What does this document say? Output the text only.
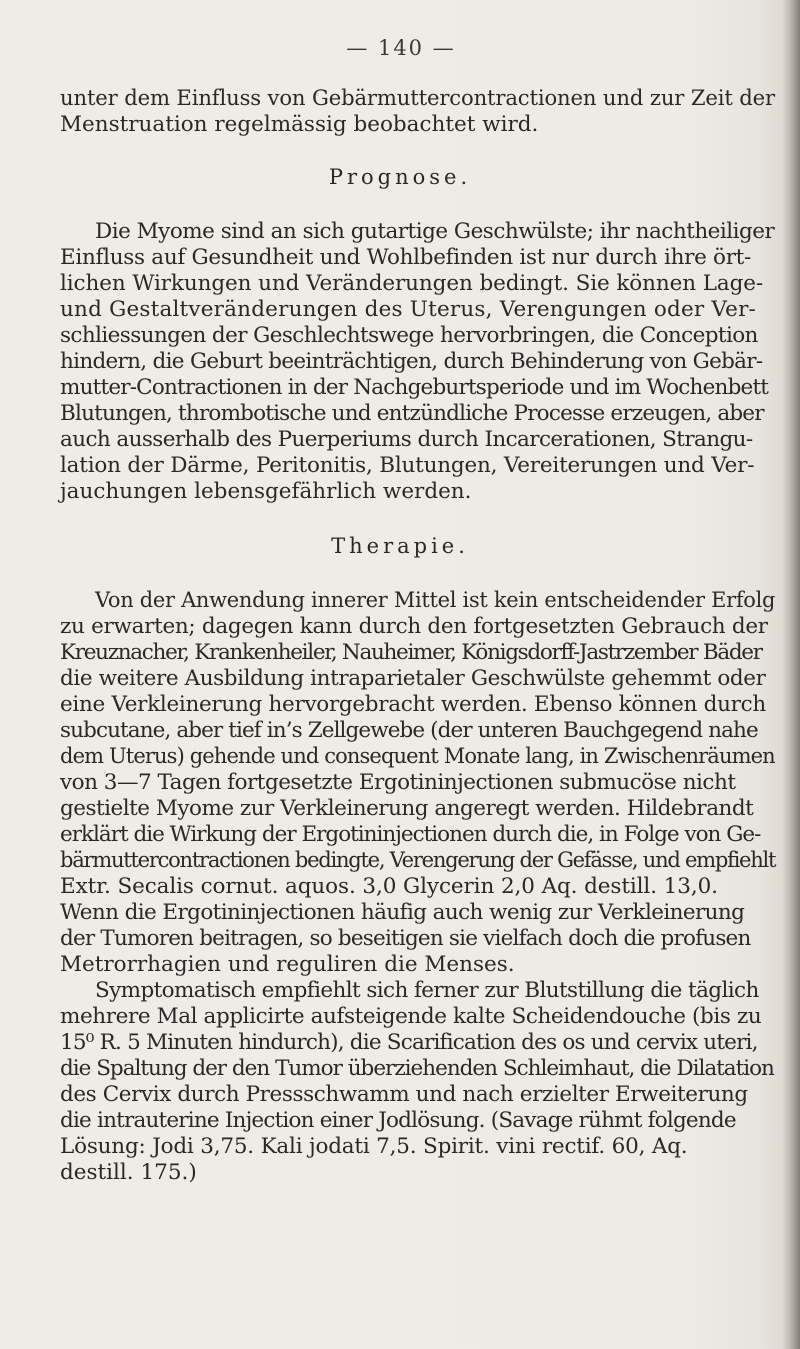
— 140 —
unter dem Einfluss von Gebärmuttercontractionen und zur Zeit der
Menstruation regelmässig beobachtet wird.
Prognose.
Die Myome sind an sich gutartige Geschwülste; ihr nachtheiliger
Einfluss auf Gesundheit und Wohlbefinden ist nur durch ihre ört-
lichen Wirkungen und Veränderungen bedingt. Sie können Lage-
und Gestaltveränderungen des Uterus, Verengungen oder Ver-
schliessungen der Geschlechtswege hervorbringen, die Conception
hindern, die Geburt beeinträchtigen, durch Behinderung von Gebär-
mutter-Contractionen in der Nachgeburtsperiode und im Wochenbett
Blutungen, thrombotische und entzündliche Processe erzeugen, aber
auch ausserhalb des Puerperiums durch Incarcerationen, Strangu-
lation der Därme, Peritonitis, Blutungen, Vereiterungen und Ver-
jauchungen lebensgefährlich werden.
Therapie.
Von der Anwendung innerer Mittel ist kein entscheidender Erfolg
zu erwarten; dagegen kann durch den fortgesetzten Gebrauch der
Kreuznacher, Krankenheiler, Nauheimer, Königsdorff-Jastrzember Bäder
die weitere Ausbildung intraparietaler Geschwülste gehemmt oder
eine Verkleinerung hervorgebracht werden. Ebenso können durch
subcutane, aber tief in’s Zellgewebe (der unteren Bauchgegend nahe
dem Uterus) gehende und consequent Monate lang, in Zwischenräumen
von 3—7 Tagen fortgesetzte Ergotininjectionen submucöse nicht
gestielte Myome zur Verkleinerung angeregt werden. Hildebrandt
erklärt die Wirkung der Ergotininjectionen durch die, in Folge von Ge-
bärmuttercontractionen bedingte, Verengerung der Gefässe, und empfiehlt
Extr. Secalis cornut. aquos. 3,0 Glycerin 2,0 Aq. destill. 13,0.
Wenn die Ergotininjectionen häufig auch wenig zur Verkleinerung
der Tumoren beitragen, so beseitigen sie vielfach doch die profusen
Metrorrhagien und reguliren die Menses.
Symptomatisch empfiehlt sich ferner zur Blutstillung die täglich
mehrere Mal applicirte aufsteigende kalte Scheidendouche (bis zu
15⁰ R. 5 Minuten hindurch), die Scarification des os und cervix uteri,
die Spaltung der den Tumor überziehenden Schleimhaut, die Dilatation
des Cervix durch Pressschwamm und nach erzielter Erweiterung
die intrauterine Injection einer Jodlösung. (Savage rühmt folgende
Lösung: Jodi 3,75. Kali jodati 7,5. Spirit. vini rectif. 60, Aq.
destill. 175.)
